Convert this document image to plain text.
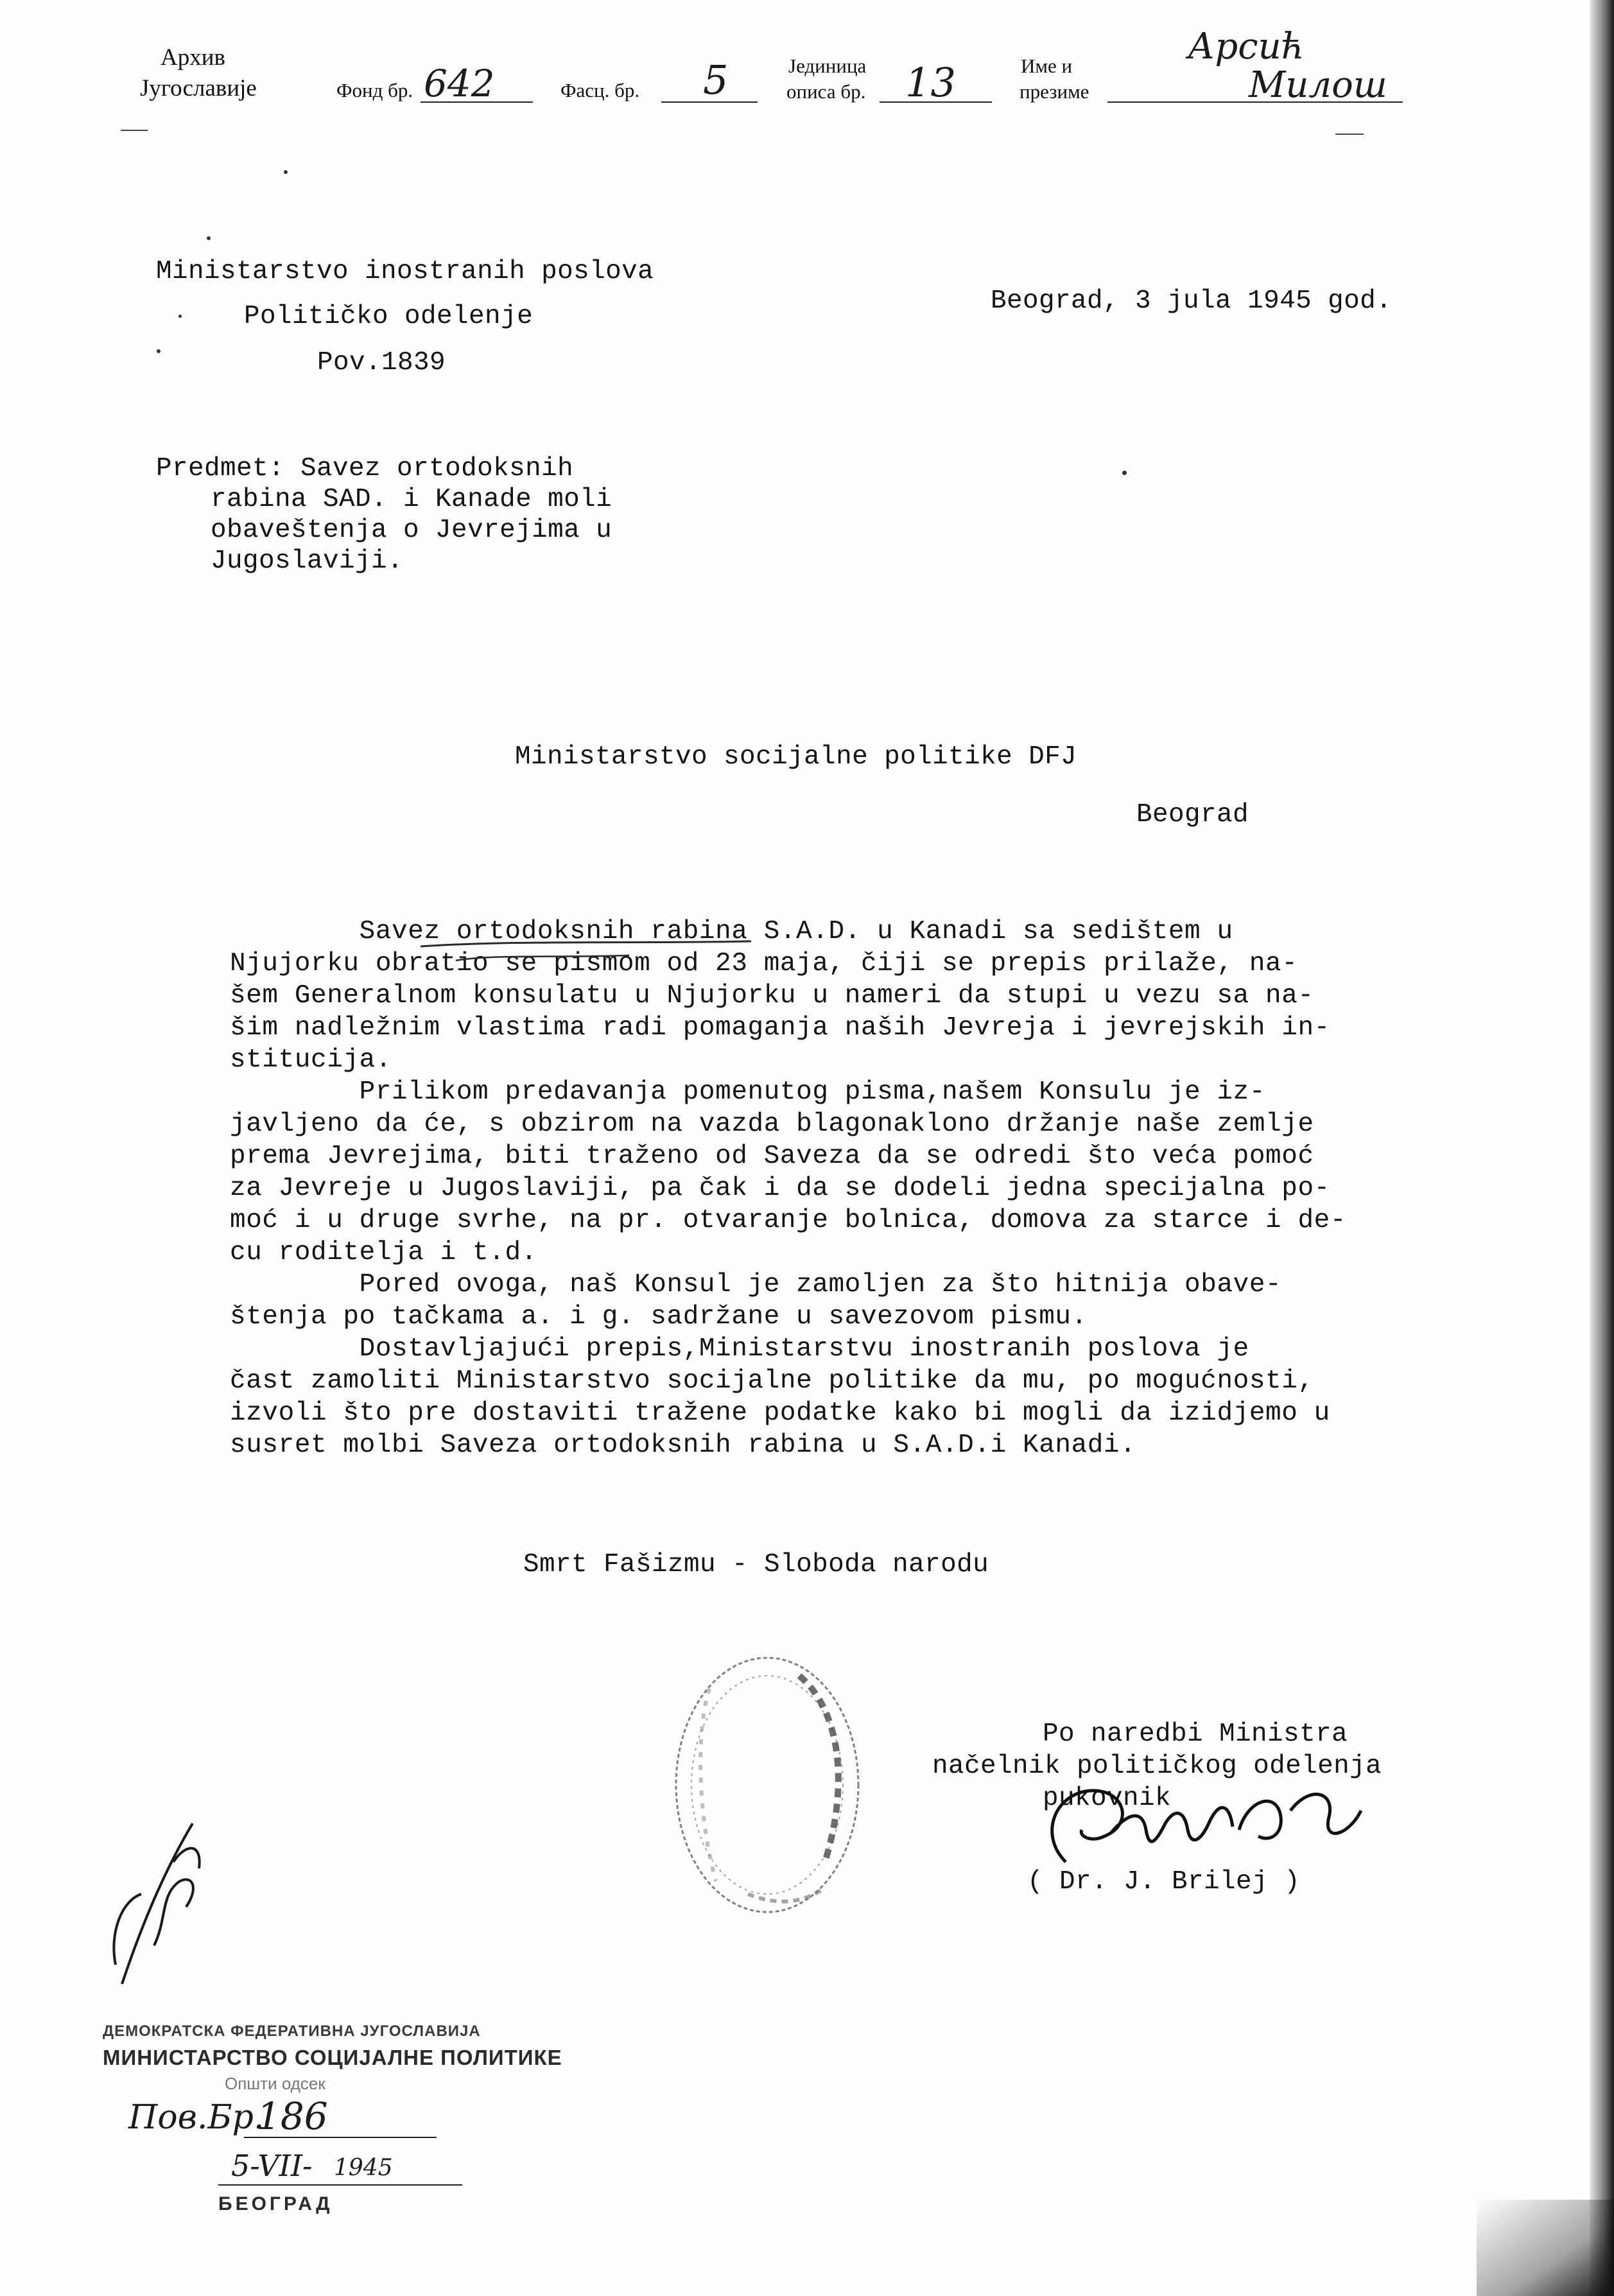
Архив
Југославије	Фонд бр. 642	Фасц. бр. 5	Јединица
описа бр. 13	Име и
презиме
Арсић
Милош
Ministarstvo inostranih poslova
Političko odelenje
Pov.1839
Beograd, 3 jula 1945 god.
Predmet: Savez ortodoksnih
rabina SAD. i Kanade moli
obaveštenja o Jevrejima u
Jugoslaviji.
Ministarstvo socijalne politike DFJ
Beograd
Savez ortodoksnih rabina S.A.D. u Kanadi sa sedištem u
Njujorku obratio se pismom od 23 maja, čiji se prepis prilaže, na-
šem Generalnom konsulatu u Njujorku u nameri da stupi u vezu sa na-
šim nadležnim vlastima radi pomaganja naših Jevreja i jevrejskih in-
stitucija.
Prilikom predavanja pomenutog pisma,našem Konsulu je iz-
javljeno da će, s obzirom na vazda blagonaklono držanje naše zemlje
prema Jevrejima, biti traženo od Saveza da se odredi što veća pomoć
za Jevreje u Jugoslaviji, pa čak i da se dodeli jedna specijalna po-
moć i u druge svrhe, na pr. otvaranje bolnica, domova za starce i de-
cu roditelja i t.d.
Pored ovoga, naš Konsul je zamoljen za što hitnija obave-
štenja po tačkama a. i g. sadržane u savezovom pismu.
Dostavljajući prepis,Ministarstvu inostranih poslova je
čast zamoliti Ministarstvo socijalne politike da mu, po mogućnosti,
izvoli što pre dostaviti tražene podatke kako bi mogli da izidjemo u
susret molbi Saveza ortodoksnih rabina u S.A.D.i Kanadi.
Smrt Fašizmu - Sloboda narodu
Po naredbi Ministra
načelnik političkog odelenja
pukovnik
( Dr. J. Brilej )
ДЕМОКРАТСКА ФЕДЕРАТИВНА ЈУГОСЛАВИЈА
МИНИСТАРСТВО СОЦИЈАЛНЕ ПОЛИТИКЕ
Општи одсек
Пов.Бр.
186
5-VII- 1945
БЕОГРАД
